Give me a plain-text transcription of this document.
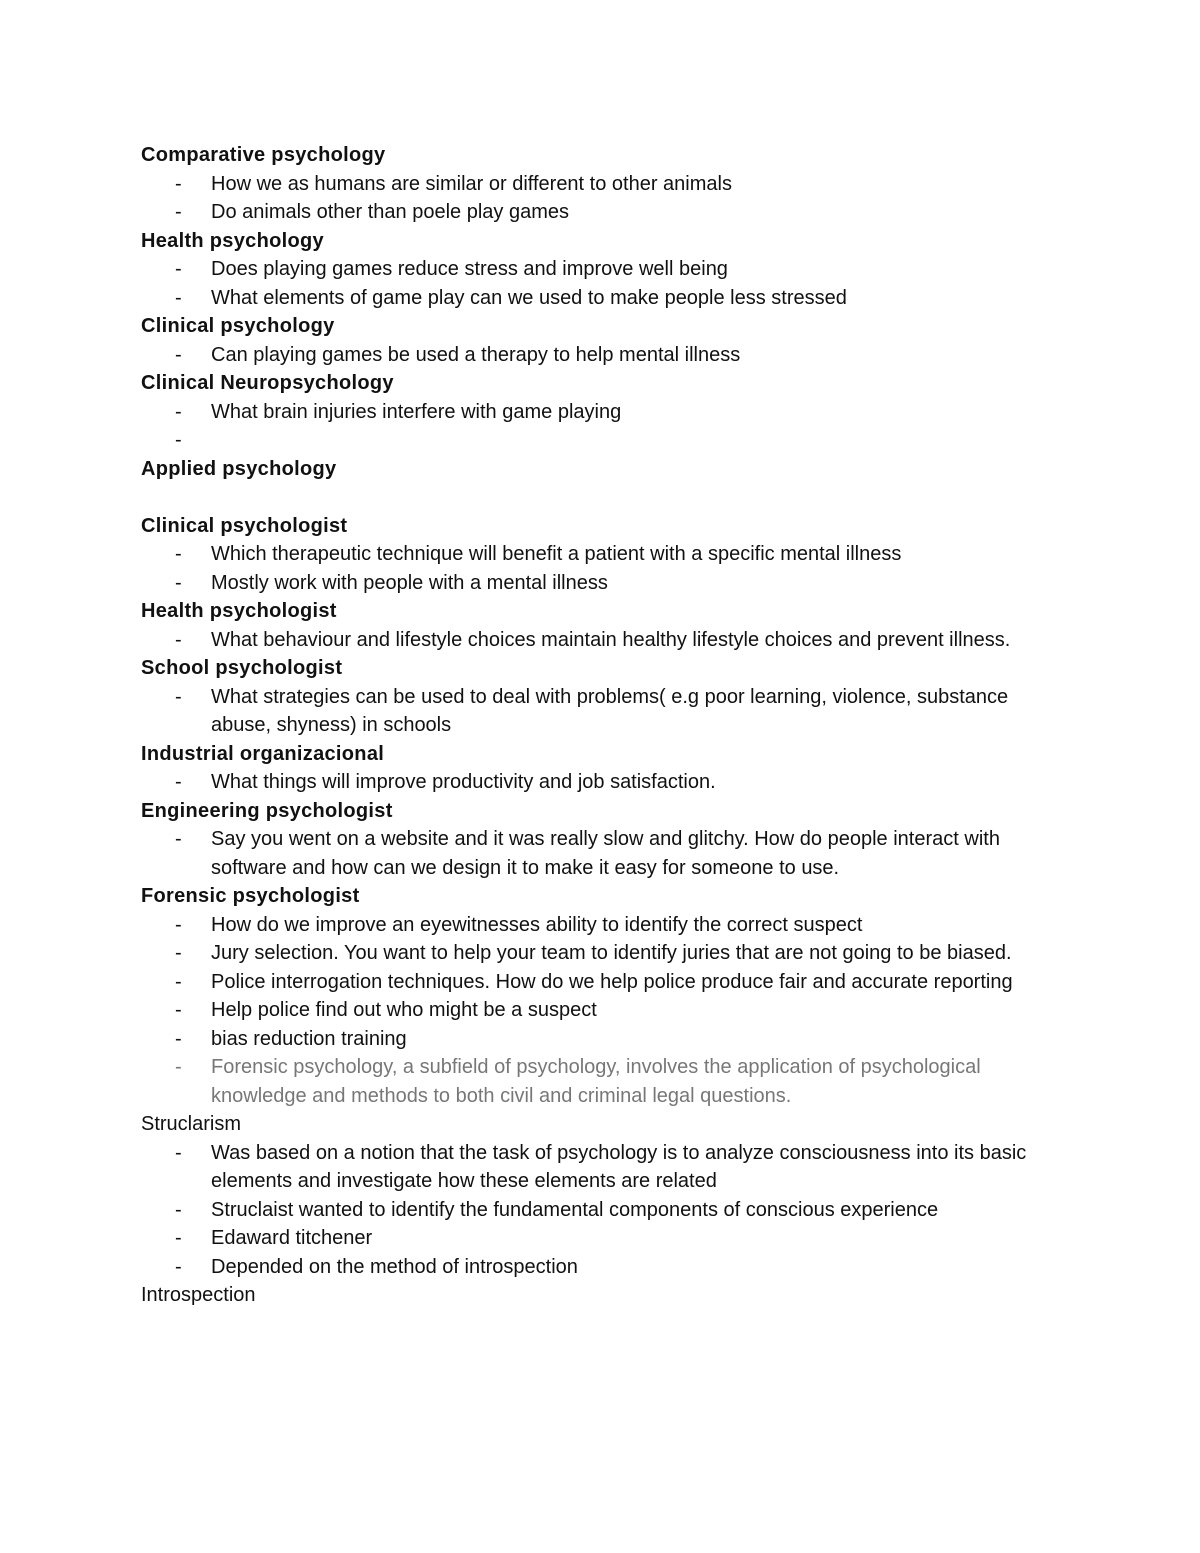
Comparative psychology
- How we as humans are similar or different to other animals
- Do animals other than poele play games
Health psychology
- Does playing games reduce stress and improve well being
- What elements of game play can we used to make people less stressed
Clinical psychology
- Can playing games be used a therapy to help mental illness
Clinical Neuropsychology
- What brain injuries interfere with game playing
-
Applied psychology
Clinical psychologist
- Which therapeutic technique will benefit a patient with a specific mental illness
- Mostly work with people with a mental illness
Health psychologist
- What behaviour and lifestyle choices maintain healthy lifestyle choices and prevent illness.
School psychologist
- What strategies can be used to deal with problems( e.g poor learning, violence, substance abuse, shyness) in schools
Industrial organizacional
- What things will improve productivity and job satisfaction.
Engineering psychologist
- Say you went on a website and it was really slow and glitchy. How do people interact with software and how can we design it to make it easy for someone to use.
Forensic psychologist
- How do we improve an eyewitnesses ability to identify the correct suspect
- Jury selection. You want to help your team to identify juries that are not going to be biased.
- Police interrogation techniques. How do we help police produce fair and accurate reporting
- Help police find out who might be a suspect
- bias reduction training
- Forensic psychology, a subfield of psychology, involves the application of psychological knowledge and methods to both civil and criminal legal questions.
Struclarism
- Was based on a notion that the task of psychology is to analyze consciousness into its basic elements and investigate how these elements are related
- Struclaist wanted to identify the fundamental components of conscious experience
- Edaward titchener
- Depended on the method of introspection
Introspection
